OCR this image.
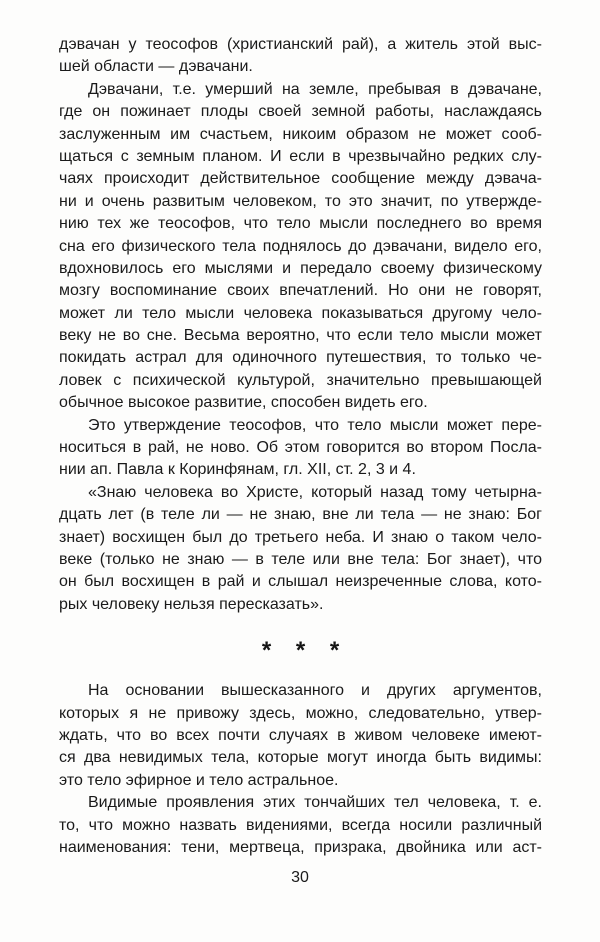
дэвачан у теософов (христианский рай), а житель этой выс-
шей области — дэвачани.
Дэвачани, т.е. умерший на земле, пребывая в дэвачане,
где он пожинает плоды своей земной работы, наслаждаясь
заслуженным им счастьем, никоим образом не может сооб-
щаться с земным планом. И если в чрезвычайно редких слу-
чаях происходит действительное сообщение между дэвача-
ни и очень развитым человеком, то это значит, по утвержде-
нию тех же теософов, что тело мысли последнего во время
сна его физического тела поднялось до дэвачани, видело его,
вдохновилось его мыслями и передало своему физическому
мозгу воспоминание своих впечатлений. Но они не говорят,
может ли тело мысли человека показываться другому чело-
веку не во сне. Весьма вероятно, что если тело мысли может
покидать астрал для одиночного путешествия, то только че-
ловек с психической культурой, значительно превышающей
обычное высокое развитие, способен видеть его.
Это утверждение теософов, что тело мысли может пере-
носиться в рай, не ново. Об этом говорится во втором Посла-
нии ап. Павла к Коринфянам, гл. XII, ст. 2, 3 и 4.
«Знаю человека во Христе, который назад тому четырна-
дцать лет (в теле ли — не знаю, вне ли тела — не знаю: Бог
знает) восхищен был до третьего неба. И знаю о таком чело-
веке (только не знаю — в теле или вне тела: Бог знает), что
он был восхищен в рай и слышал неизреченные слова, кото-
рых человеку нельзя пересказать».
* * *
На основании вышесказанного и других аргументов,
которых я не привожу здесь, можно, следовательно, утвер-
ждать, что во всех почти случаях в живом человеке имеют-
ся два невидимых тела, которые могут иногда быть видимы:
это тело эфирное и тело астральное.
Видимые проявления этих тончайших тел человека, т. е.
то, что можно назвать видениями, всегда носили различный
наименования: тени, мертвеца, призрака, двойника или аст-
30
